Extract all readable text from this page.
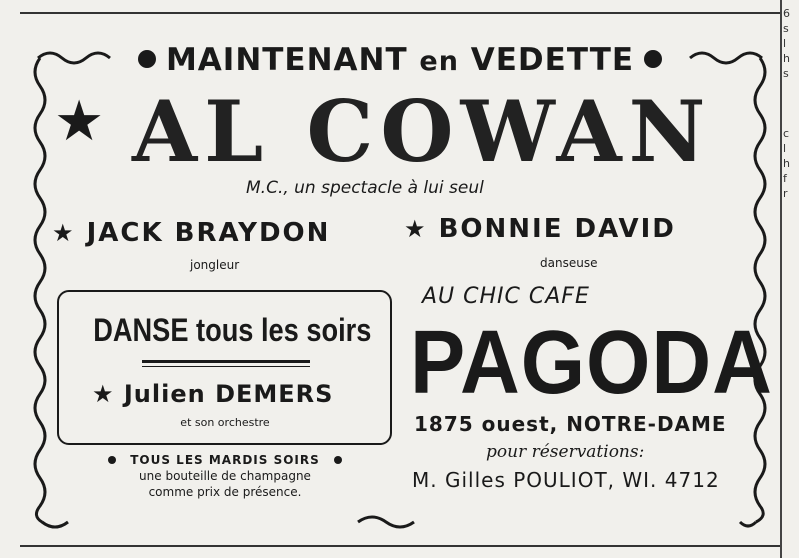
MAINTENANT en VEDETTE
★ AL COWAN
M.C., un spectacle à lui seul
★ JACK BRAYDON
jongleur
★ BONNIE DAVID
danseuse
DANSE tous les soirs
★ Julien DEMERS
et son orchestre
TOUS LES MARDIS SOIRS
une bouteille de champagne
comme prix de présence.
AU CHIC CAFE
PAGODA
1875 ouest, NOTRE-DAME
pour réservations:
M. Gilles POULIOT, WI. 4712
6
s
l
h
s

c
l
h
f
r
